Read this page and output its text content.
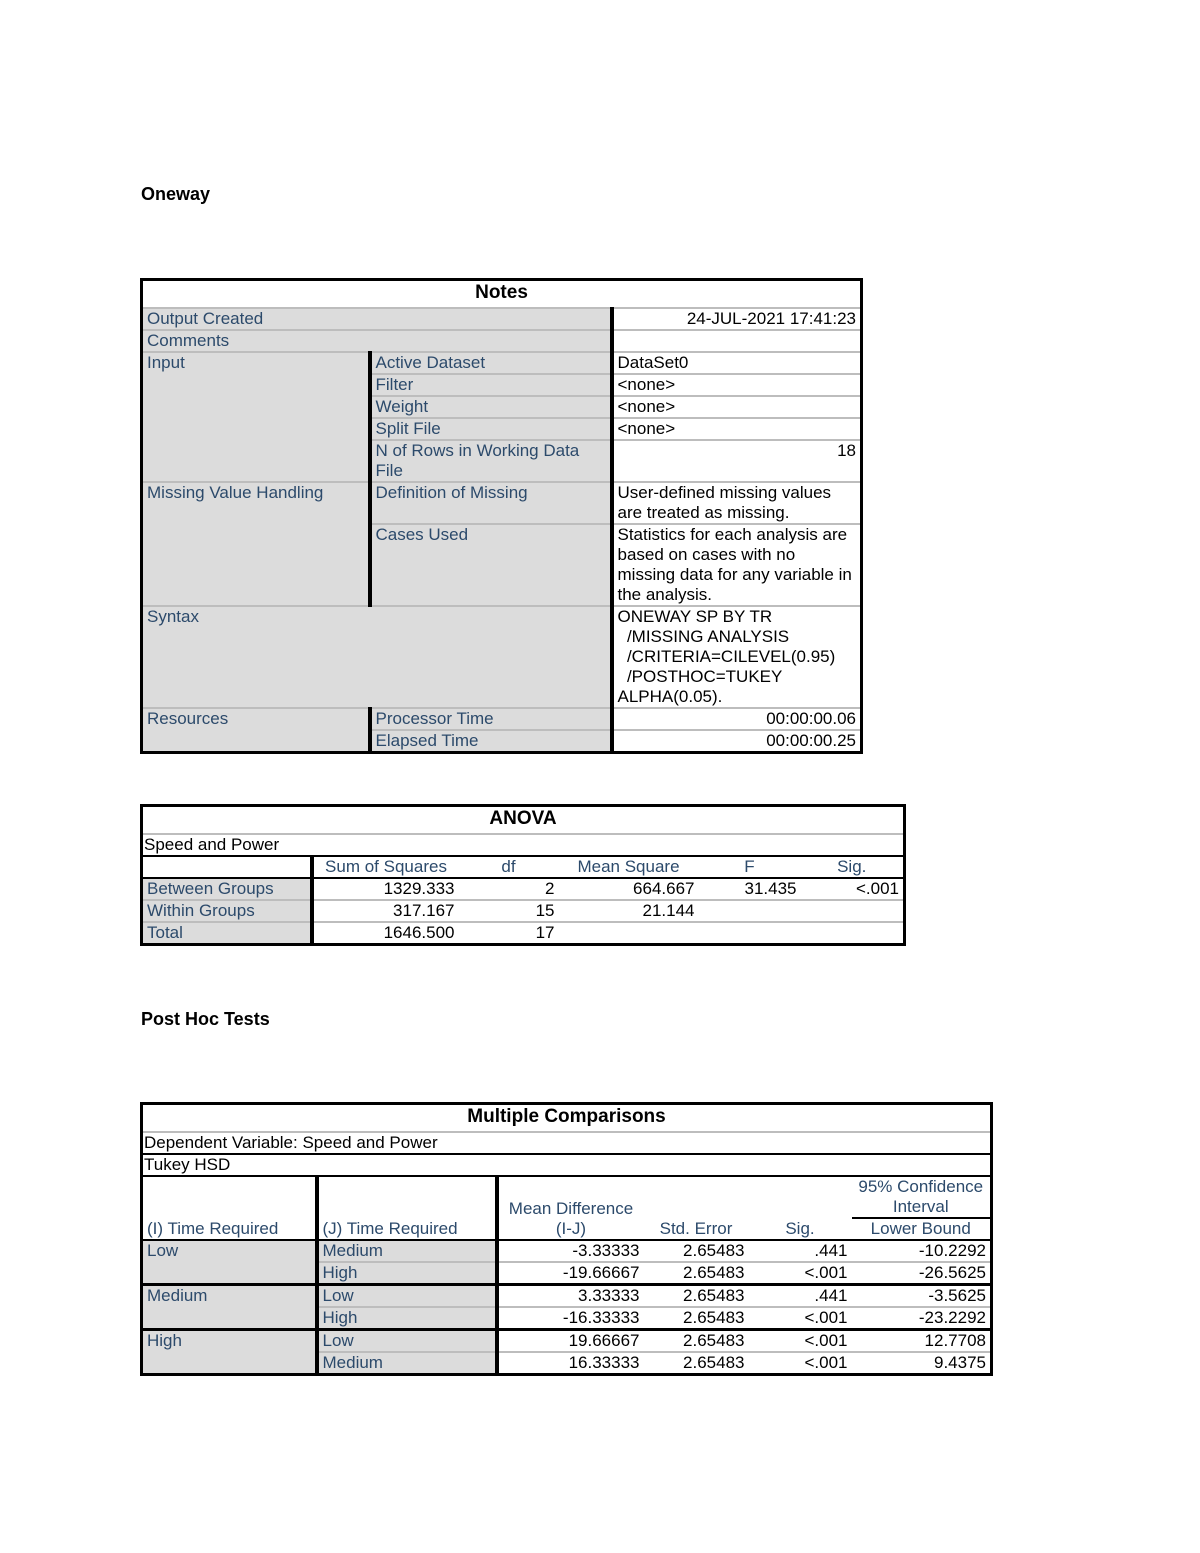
Oneway
Notes		
Output Created		24-JUL-2021 17:41:23
Comments		
Input	Active Dataset	DataSet0
	Filter	<none>
	Weight	<none>
	Split File	<none>
	N of Rows in Working Data File	18
Missing Value Handling	Definition of Missing	User-defined missing values are treated as missing.
	Cases Used	Statistics for each analysis are based on cases with no missing data for any variable in the analysis.
Syntax		ONEWAY SP BY TR
/MISSING ANALYSIS
/CRITERIA=CILEVEL(0.95)
/POSTHOC=TUKEY
ALPHA(0.05).

Resources	Processor Time	00:00:00.06
	Elapsed Time	00:00:00.25
ANOVA					
Speed and Power					
	Sum of Squares	df	Mean Square	F	Sig.
Between Groups	1329.333	2	664.667	31.435	<.001
Within Groups	317.167	15	21.144		
Total	1646.500	17			
Post Hoc Tests
Multiple Comparisons					
Dependent Variable: Speed and Power					
Tukey HSD					
(I) Time Required	(J) Time Required	Mean Difference (I-J)	Std. Error	Sig.	95% Confidence Interval
Lower Bound

Low	Medium	-3.33333	2.65483	.441	-10.2292
	High	-19.66667	2.65483	<.001	-26.5625
Medium	Low	3.33333	2.65483	.441	-3.5625
	High	-16.33333	2.65483	<.001	-23.2292
High	Low	19.66667	2.65483	<.001	12.7708
	Medium	16.33333	2.65483	<.001	9.4375
